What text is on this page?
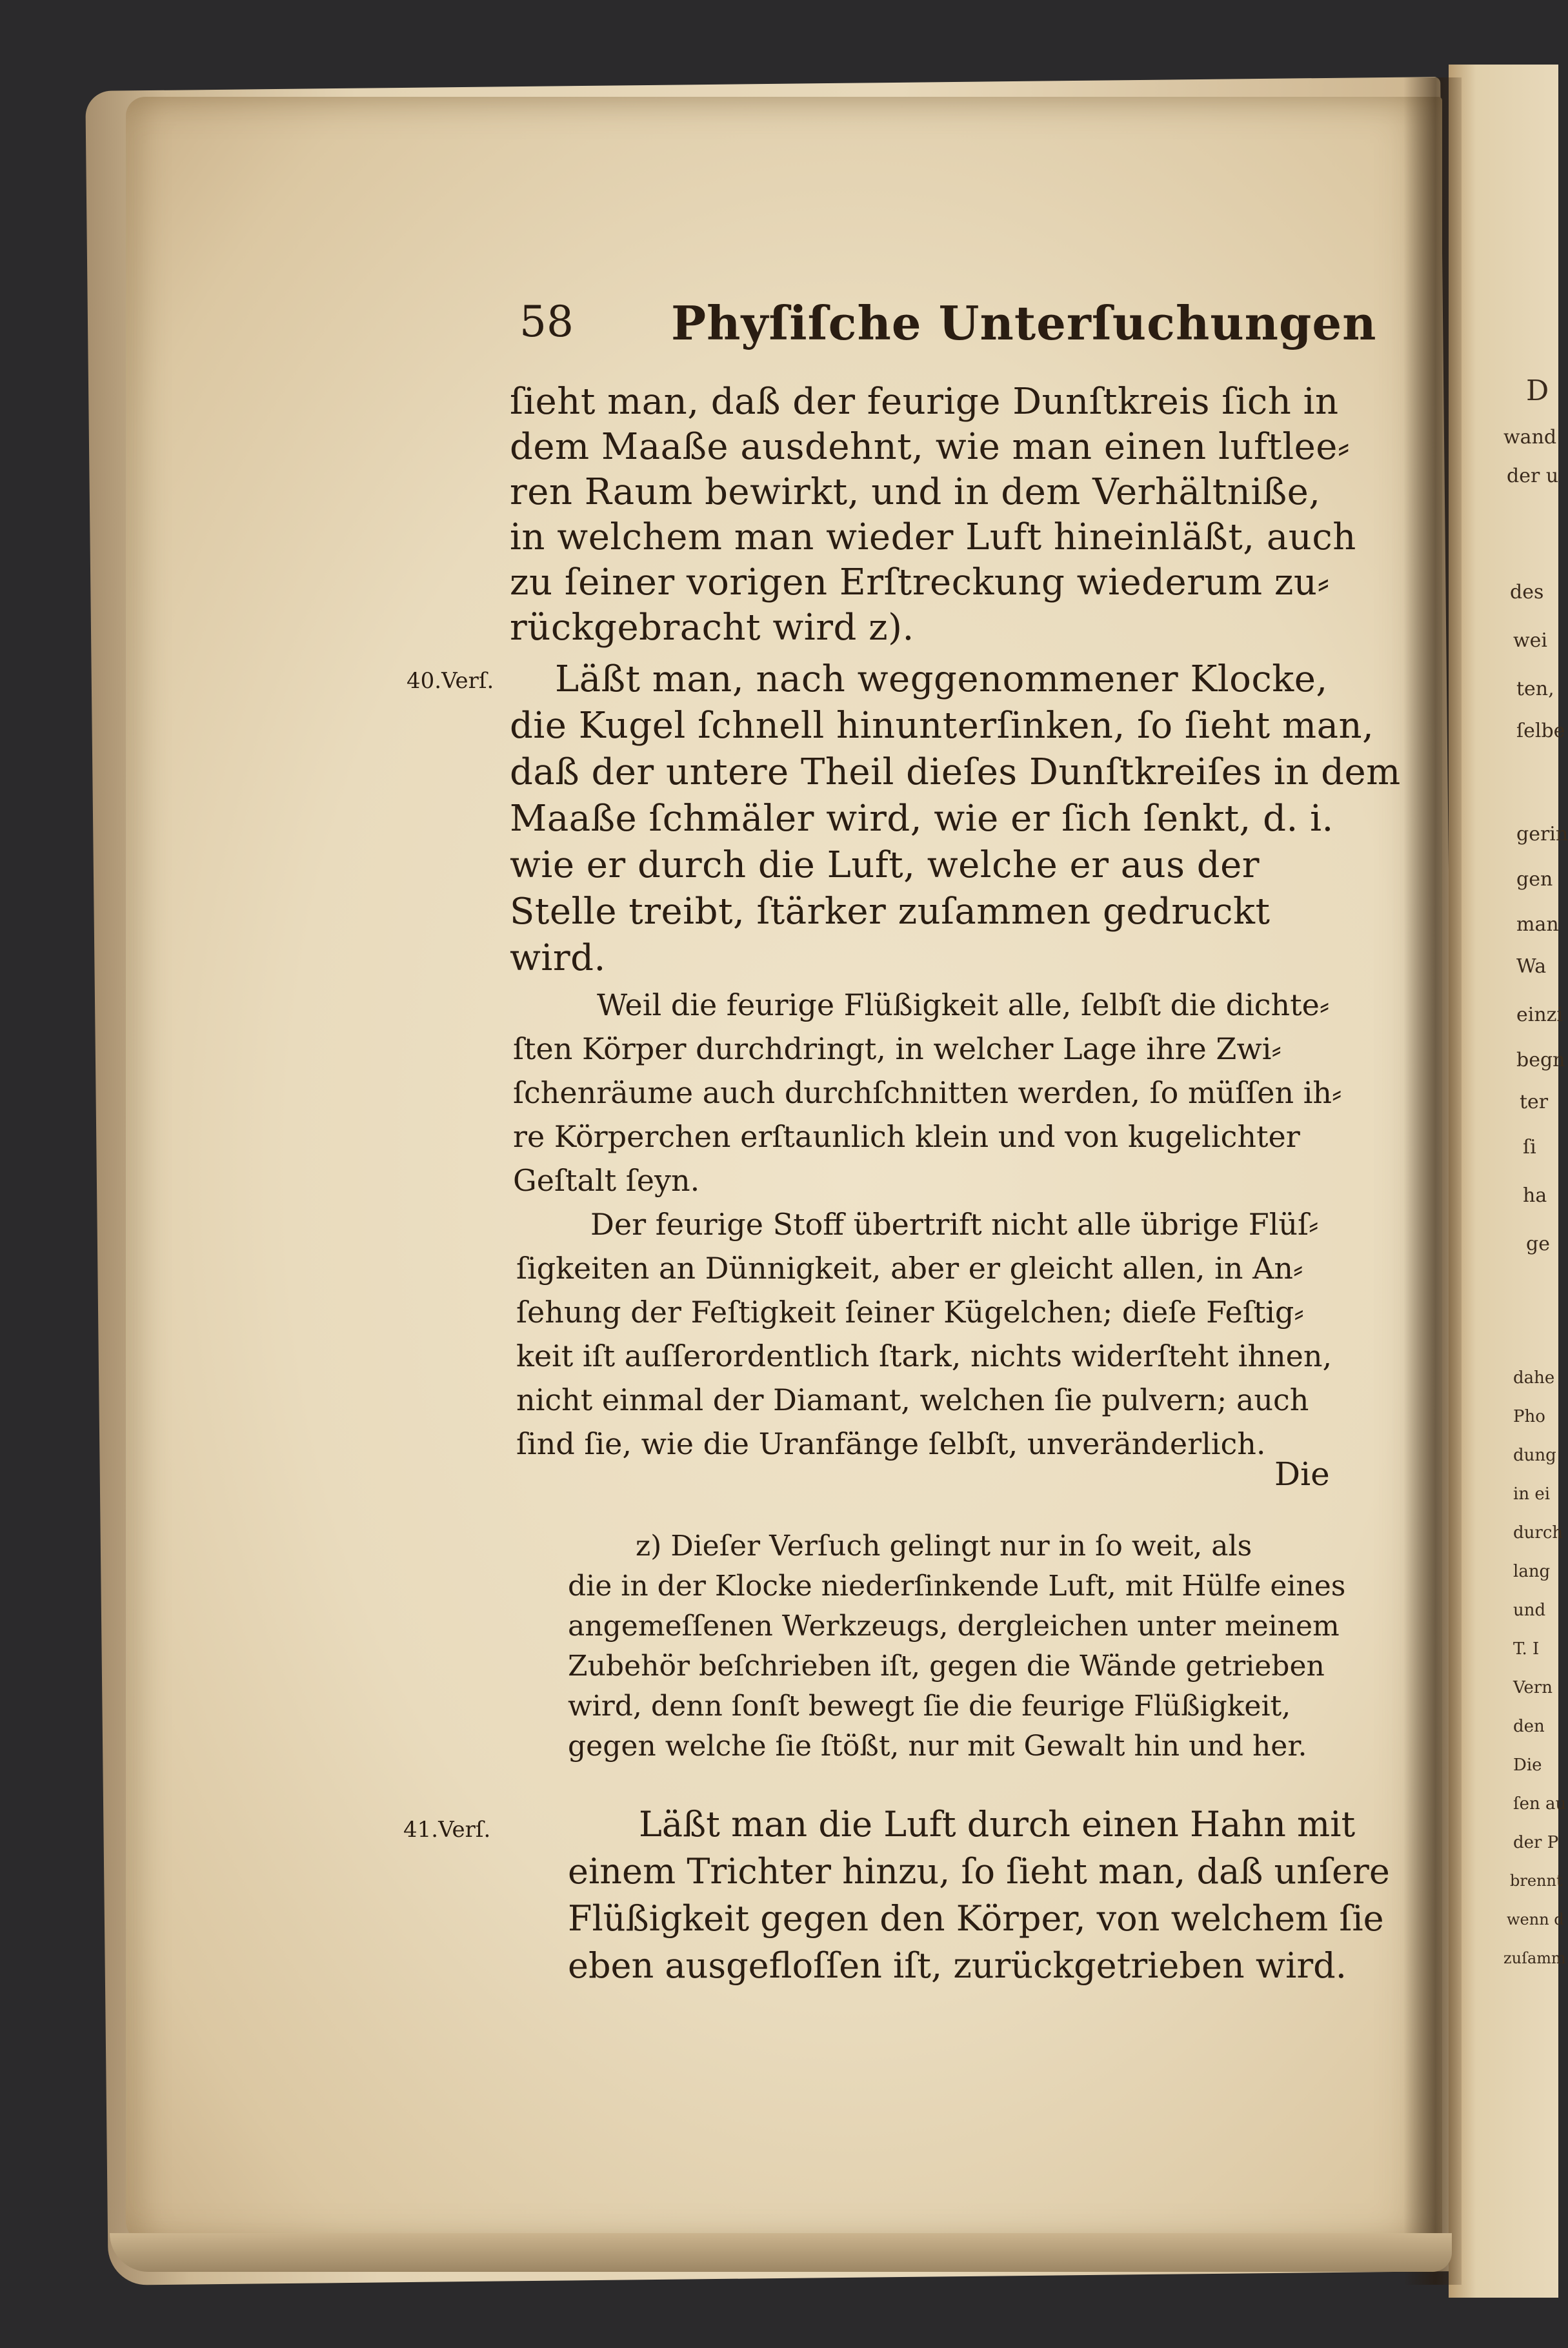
58 Phyſiſche Unterſuchungen
ſieht man, daß der feurige Dunſtkreis ſich in
dem Maaße ausdehnt, wie man einen luftlee⸗
ren Raum bewirkt, und in dem Verhältniße,
in welchem man wieder Luft hineinläßt, auch
zu ſeiner vorigen Erſtreckung wiederum zu⸗
rückgebracht wird z).
40.Verſ. Läßt man, nach weggenommener Klocke,
die Kugel ſchnell hinunterſinken, ſo ſieht man,
daß der untere Theil dieſes Dunſtkreiſes in dem
Maaße ſchmäler wird, wie er ſich ſenkt, d. i.
wie er durch die Luft, welche er aus der
Stelle treibt, ſtärker zuſammen gedruckt
wird.
Weil die feurige Flüßigkeit alle, ſelbſt die dichte⸗
ſten Körper durchdringt, in welcher Lage ihre Zwi⸗
ſchenräume auch durchſchnitten werden, ſo müſſen ih⸗
re Körperchen erſtaunlich klein und von kugelichter
Geſtalt ſeyn.
Der feurige Stoff übertrift nicht alle übrige Flüſ⸗
ſigkeiten an Dünnigkeit, aber er gleicht allen, in An⸗
ſehung der Feſtigkeit ſeiner Kügelchen; dieſe Feſtig⸗
keit iſt auſſerordentlich ſtark, nichts widerſteht ihnen,
nicht einmal der Diamant, welchen ſie pulvern; auch
ſind ſie, wie die Uranfänge ſelbſt, unveränderlich.
Die
z) Dieſer Verſuch gelingt nur in ſo weit, als
die in der Klocke niederſinkende Luft, mit Hülfe eines
angemeſſenen Werkzeugs, dergleichen unter meinem
Zubehör beſchrieben iſt, gegen die Wände getrieben
wird, denn ſonſt bewegt ſie die feurige Flüßigkeit,
gegen welche ſie ſtößt, nur mit Gewalt hin und her.
41.Verſ.	Läßt man die Luft durch einen Hahn mit
einem Trichter hinzu, ſo ſieht man, daß unſere
Flüßigkeit gegen den Körper, von welchem ſie
eben ausgefloſſen iſt, zurückgetrieben wird.
D
wand
der u
des
wei
ten,
ſelbe
gerin
gen
man
Wa
einzi
begn
ter
ſi
ha
ge
dahe
Pho
dung
in ei
durch
lang
und
T. I
Vern
den
Die
ſen au
der P
brennt
wenn d
zuſamm
